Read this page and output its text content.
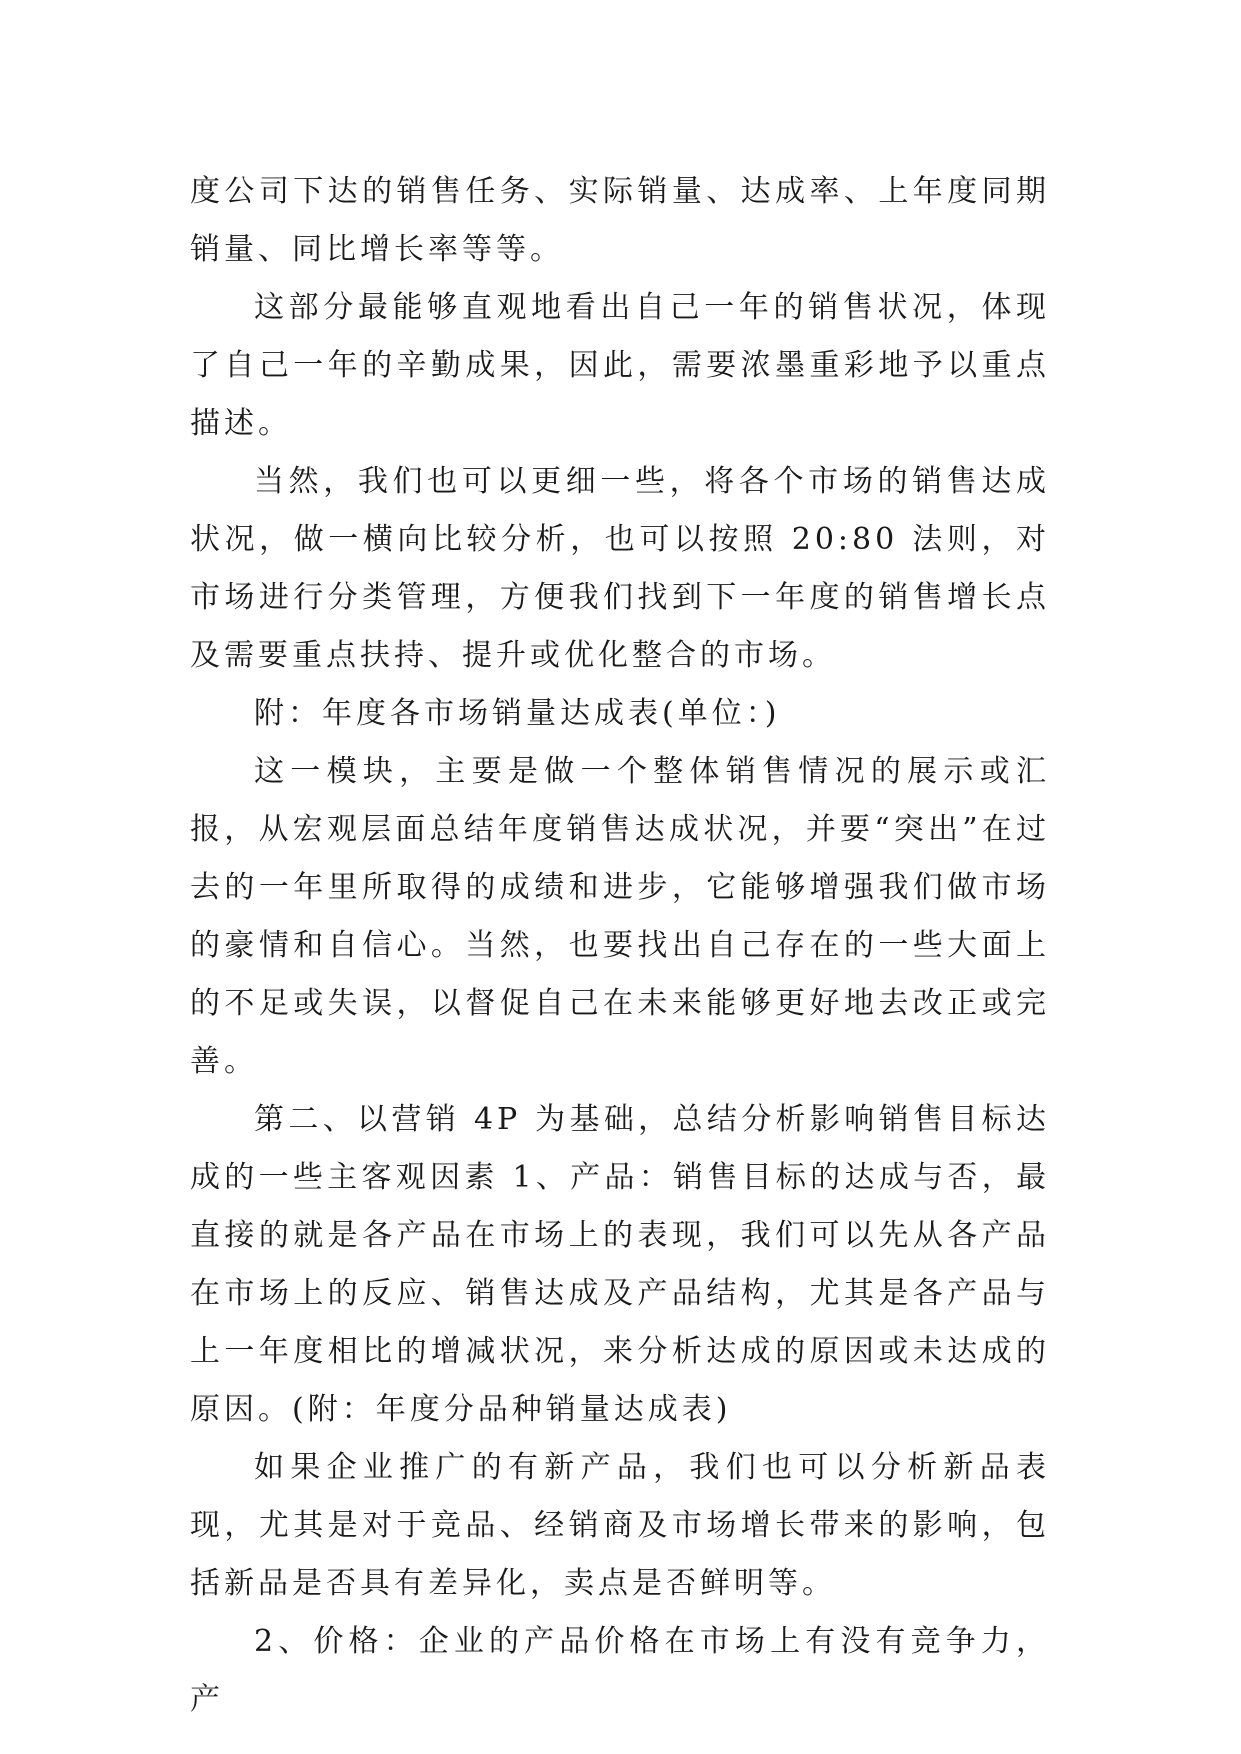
度公司下达的销售任务、实际销量、达成率、上年度同期销量、同比增长率等等。

这部分最能够直观地看出自己一年的销售状况，体现了自己一年的辛勤成果，因此，需要浓墨重彩地予以重点描述。

当然，我们也可以更细一些，将各个市场的销售达成状况，做一横向比较分析，也可以按照 20:80 法则，对市场进行分类管理，方便我们找到下一年度的销售增长点及需要重点扶持、提升或优化整合的市场。

附：年度各市场销量达成表(单位：)

这一模块，主要是做一个整体销售情况的展示或汇报，从宏观层面总结年度销售达成状况，并要“突出”在过去的一年里所取得的成绩和进步，它能够增强我们做市场的豪情和自信心。当然，也要找出自己存在的一些大面上的不足或失误，以督促自己在未来能够更好地去改正或完善。

第二、以营销 4P 为基础，总结分析影响销售目标达成的一些主客观因素 1、产品：销售目标的达成与否，最直接的就是各产品在市场上的表现，我们可以先从各产品在市场上的反应、销售达成及产品结构，尤其是各产品与上一年度相比的增减状况，来分析达成的原因或未达成的原因。(附：年度分品种销量达成表)

如果企业推广的有新产品，我们也可以分析新品表现，尤其是对于竞品、经销商及市场增长带来的影响，包括新品是否具有差异化，卖点是否鲜明等。

2、价格：企业的产品价格在市场上有没有竞争力，产
